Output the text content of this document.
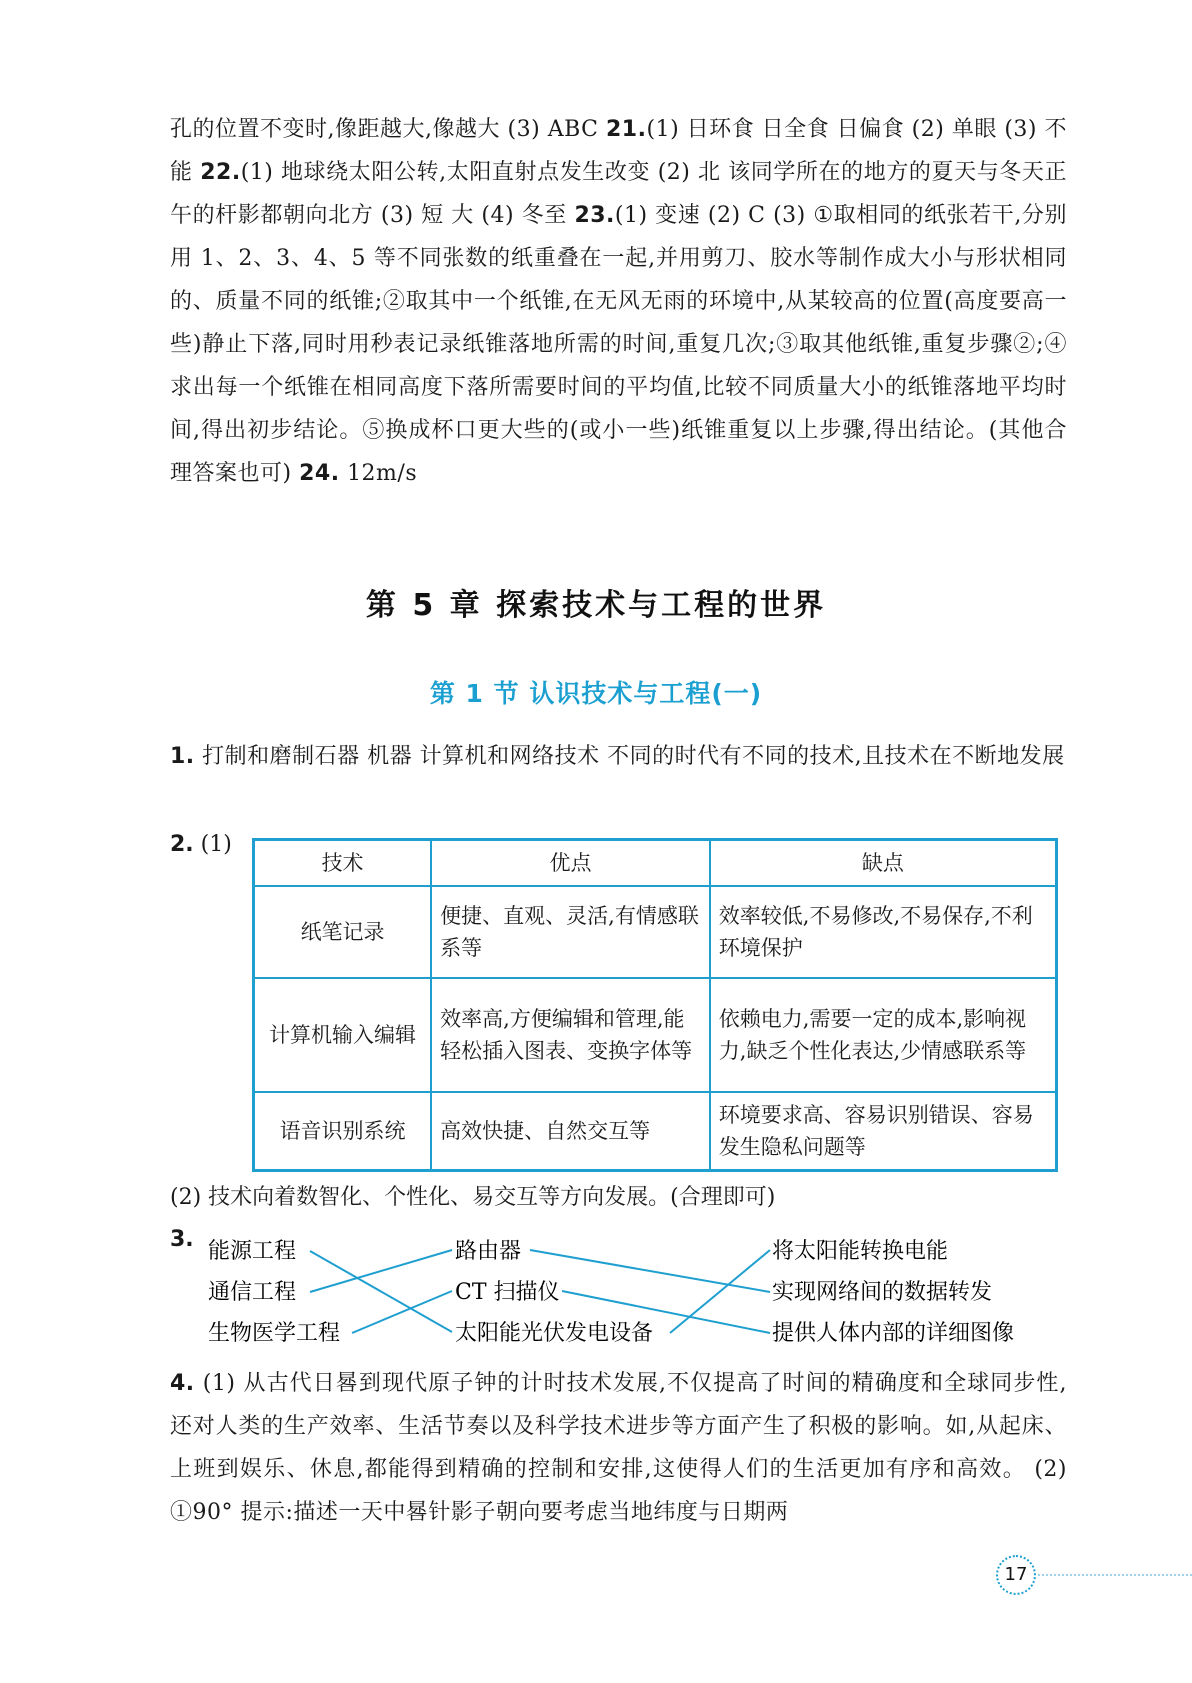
孔的位置不变时,像距越大,像越大 (3) ABC 21.(1) 日环食 日全食 日偏食 (2) 单眼 (3) 不能 22.(1) 地球绕太阳公转,太阳直射点发生改变 (2) 北 该同学所在的地方的夏天与冬天正午的杆影都朝向北方 (3) 短 大 (4) 冬至 23.(1) 变速 (2) C (3) ①取相同的纸张若干,分别用 1、2、3、4、5 等不同张数的纸重叠在一起,并用剪刀、胶水等制作成大小与形状相同的、质量不同的纸锥;②取其中一个纸锥,在无风无雨的环境中,从某较高的位置(高度要高一些)静止下落,同时用秒表记录纸锥落地所需的时间,重复几次;③取其他纸锥,重复步骤②;④求出每一个纸锥在相同高度下落所需要时间的平均值,比较不同质量大小的纸锥落地平均时间,得出初步结论。⑤换成杯口更大些的(或小一些)纸锥重复以上步骤,得出结论。(其他合理答案也可) 24. 12m/s
第 5 章 探索技术与工程的世界
第 1 节 认识技术与工程(一)
1. 打制和磨制石器 机器 计算机和网络技术 不同的时代有不同的技术,且技术在不断地发展
2. (1)
技术	优点	缺点
纸笔记录	便捷、直观、灵活,有情感联系等	效率较低,不易修改,不易保存,不利环境保护
计算机输入编辑	效率高,方便编辑和管理,能轻松插入图表、变换字体等	依赖电力,需要一定的成本,影响视力,缺乏个性化表达,少情感联系等
语音识别系统	高效快捷、自然交互等	环境要求高、容易识别错误、容易发生隐私问题等
(2) 技术向着数智化、个性化、易交互等方向发展。(合理即可)
3. 能源工程
通信工程
生物医学工程
路由器
CT 扫描仪
太阳能光伏发电设备
将太阳能转换电能
实现网络间的数据转发
提供人体内部的详细图像
4. (1) 从古代日晷到现代原子钟的计时技术发展,不仅提高了时间的精确度和全球同步性,还对人类的生产效率、生活节奏以及科学技术进步等方面产生了积极的影响。如,从起床、上班到娱乐、休息,都能得到精确的控制和安排,这使得人们的生活更加有序和高效。 (2) ①90° 提示:描述一天中晷针影子朝向要考虑当地纬度与日期两
17
